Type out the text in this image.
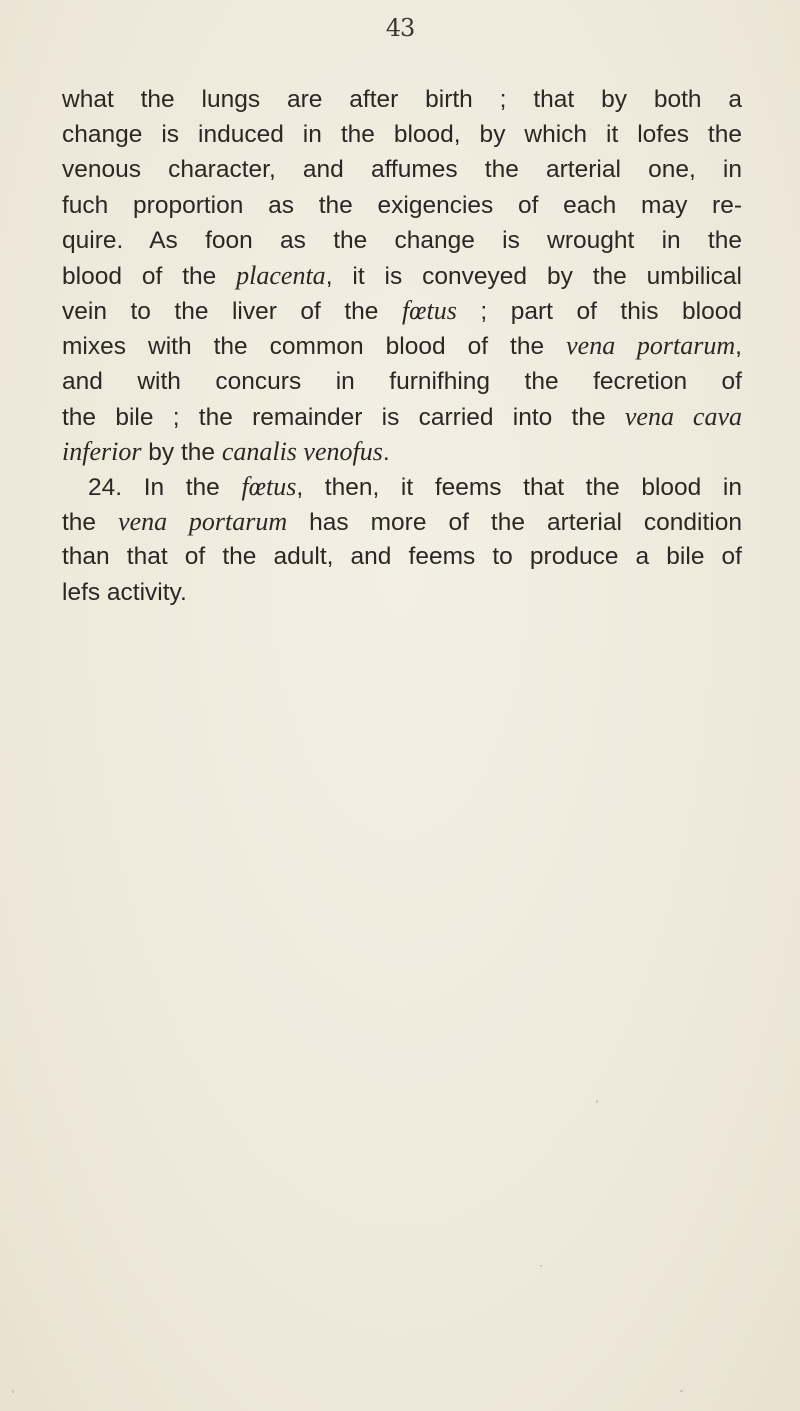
43
what the lungs are after birth ; that by both a
change is induced in the blood, by which it lofes the
venous character, and affumes the arterial one, in
fuch proportion as the exigencies of each may re-
quire. As foon as the change is wrought in the
blood of the placenta, it is conveyed by the umbilical
vein to the liver of the fœtus ; part of this blood
mixes with the common blood of the vena portarum,
and with concurs in furnifhing the fecretion of
the bile ; the remainder is carried into the vena cava
inferior by the canalis venofus.
24. In the fœtus, then, it feems that the blood in
the vena portarum has more of the arterial condition
than that of the adult, and feems to produce a bile of
lefs activity.
